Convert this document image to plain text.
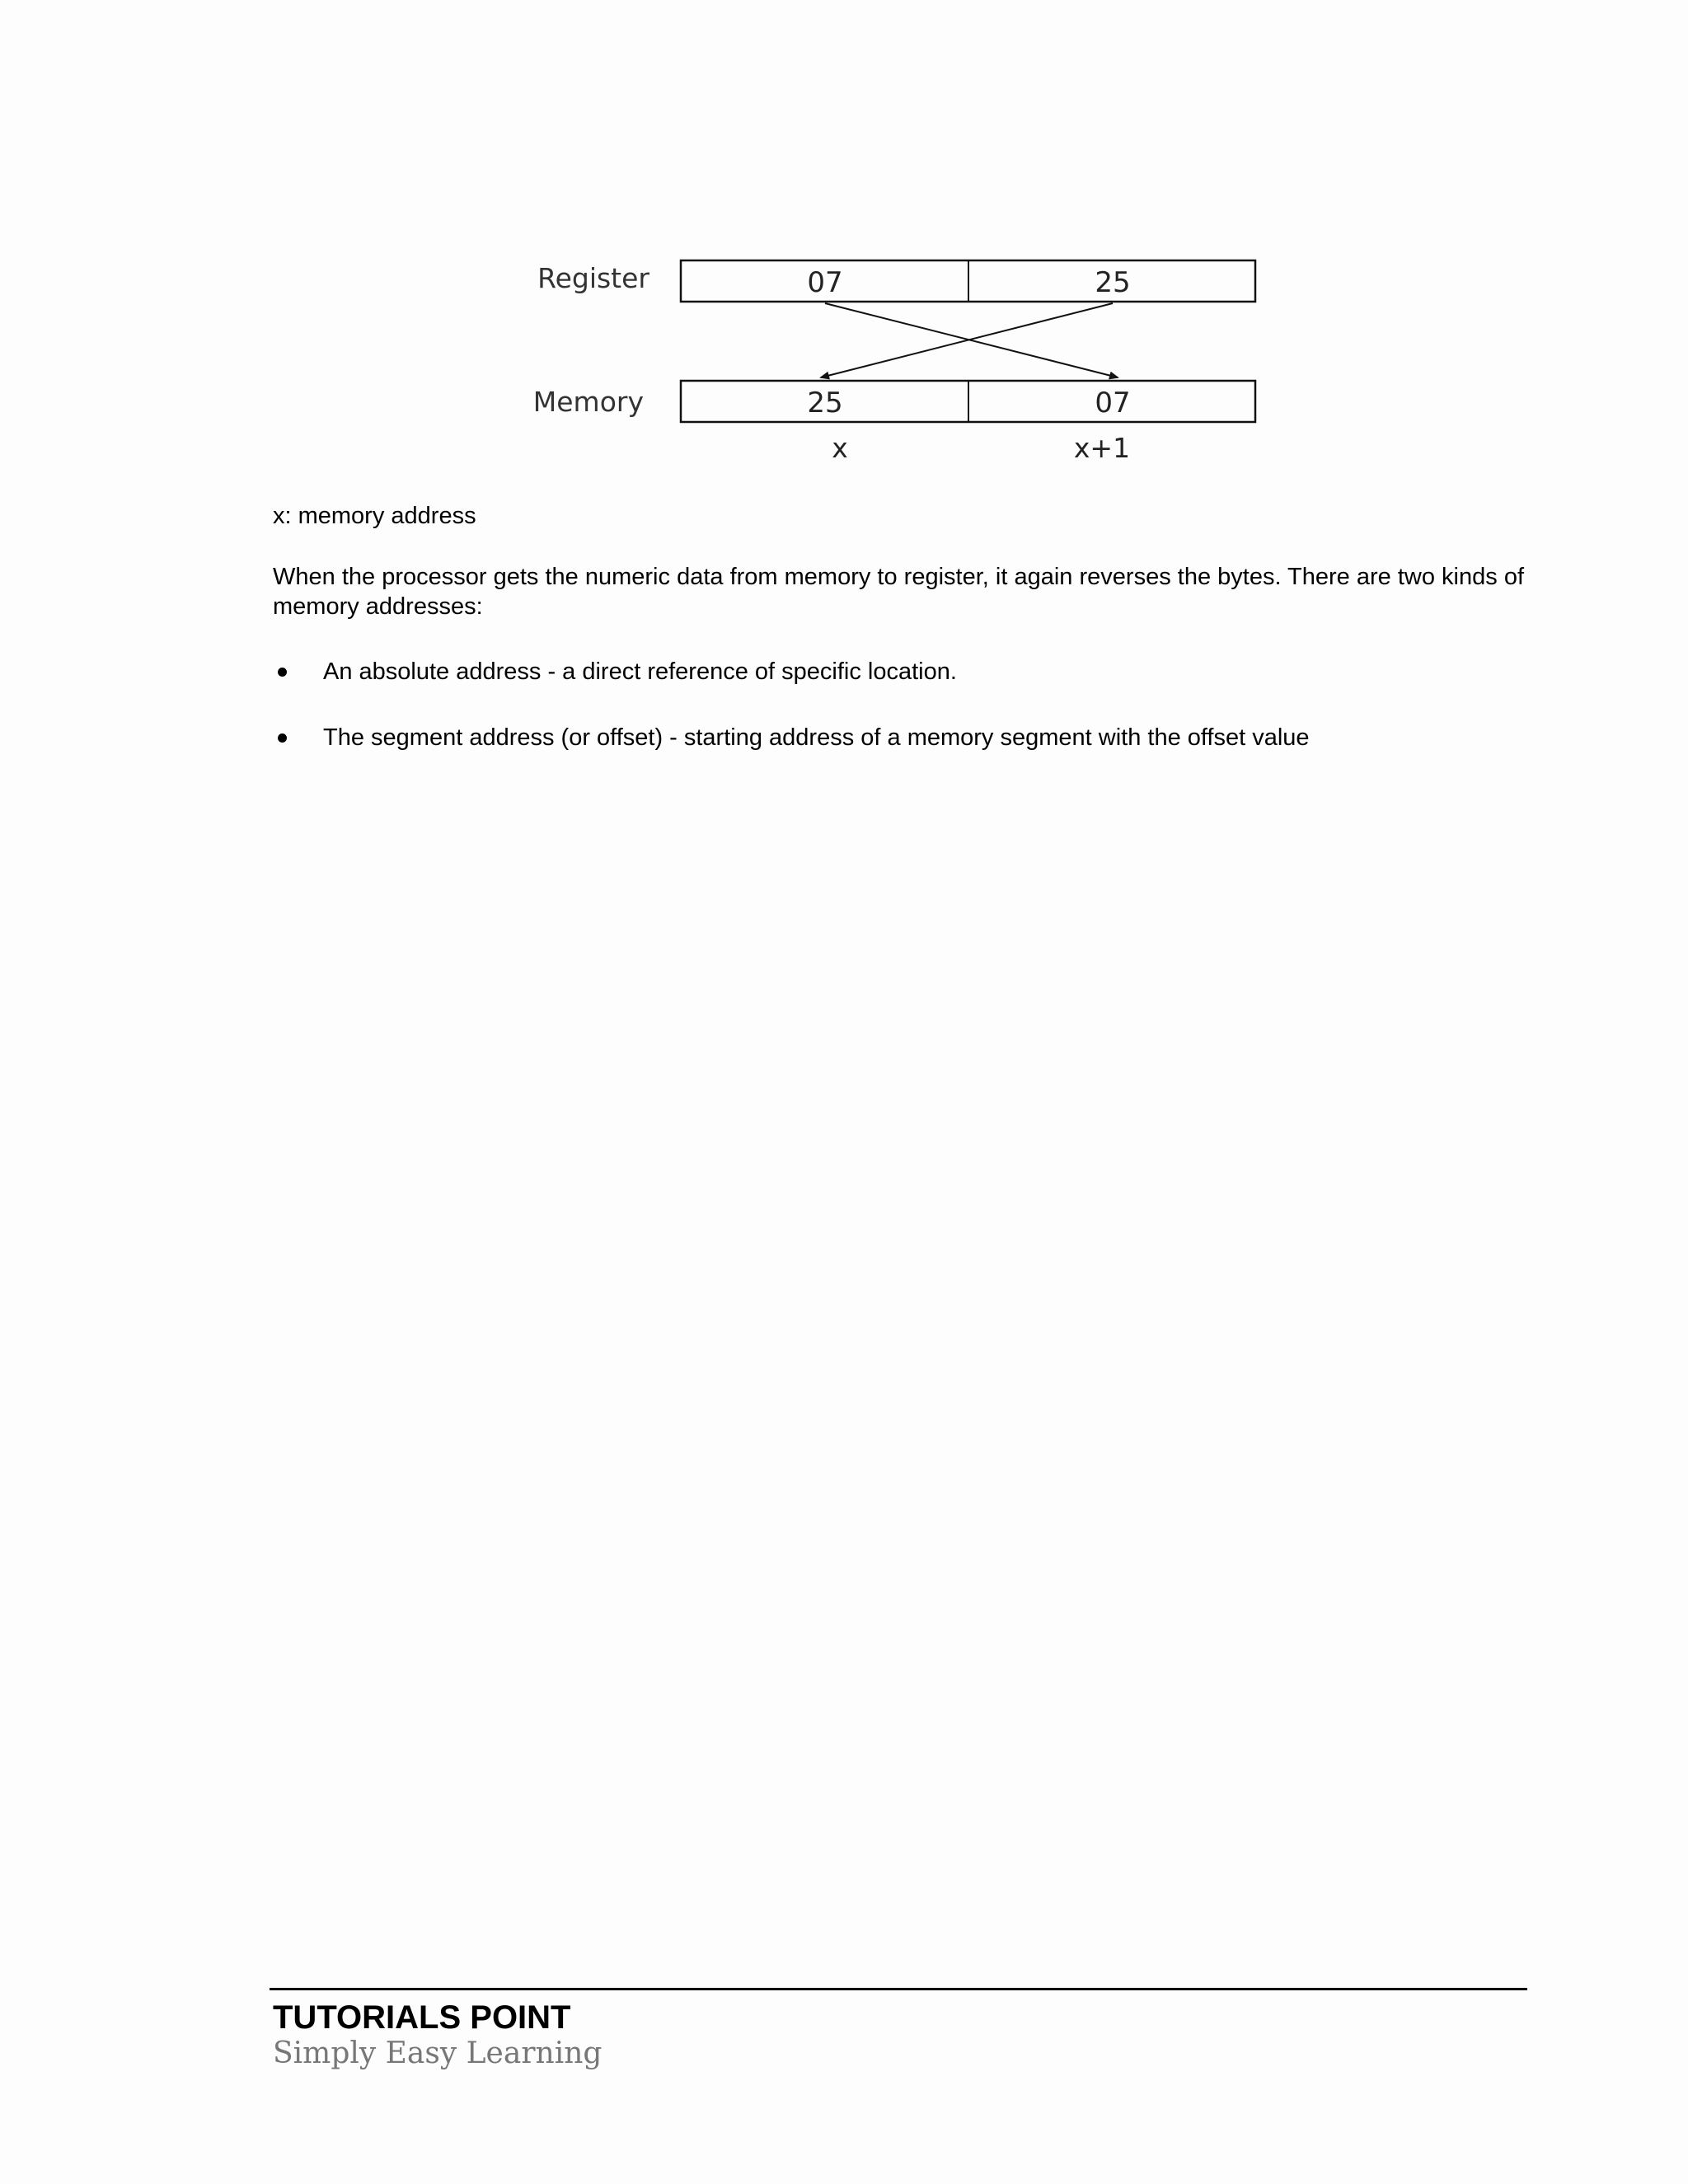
Register	07	25
Memory	25	07
x	x+1
x: memory address

When the processor gets the numeric data from memory to register, it again reverses the bytes. There are two kinds of memory addresses:

An absolute address - a direct reference of specific location.
The segment address (or offset) - starting address of a memory segment with the offset value
TUTORIALS POINT
Simply Easy Learning
